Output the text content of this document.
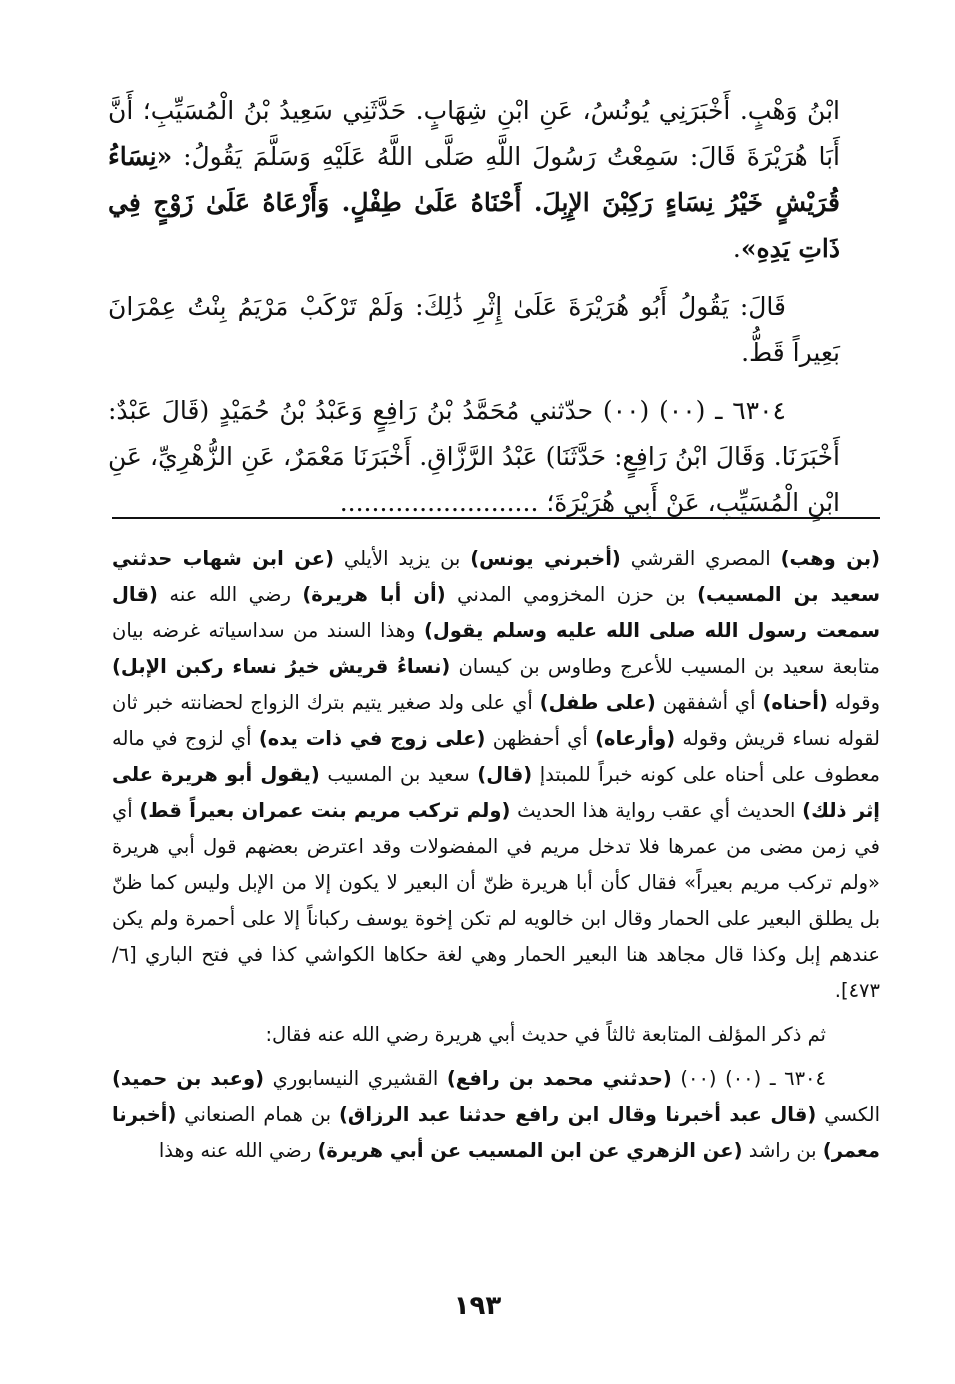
ابْنُ وَهْبٍ. أَخْبَرَنِي يُونُسُ، عَنِ ابْنِ شِهَابٍ. حَدَّثَنِي سَعِيدُ بْنُ الْمُسَيِّبِ؛ أَنَّ أَبَا هُرَيْرَةَ قَالَ: سَمِعْتُ رَسُولَ اللَّهِ صَلَّى اللَّهُ عَلَيْهِ وَسَلَّمَ يَقُولُ: «نِسَاءُ قُرَيْشٍ خَيْرُ نِسَاءٍ رَكِبْنَ الإِبِلَ. أَحْنَاهُ عَلَىٰ طِفْلٍ. وَأَرْعَاهُ عَلَىٰ زَوْجٍ فِي ذَاتِ يَدِهِ».

قَالَ: يَقُولُ أَبُو هُرَيْرَةَ عَلَىٰ إِثْرِ ذَٰلِكَ: وَلَمْ تَرْكَبْ مَرْيَمُ بِنْتُ عِمْرَانَ بَعِيراً قَطُّ.

٦٣٠٤ ـ (٠٠) (٠٠) حدّثني مُحَمَّدُ بْنُ رَافِعٍ وَعَبْدُ بْنُ حُمَيْدٍ (قَالَ عَبْدٌ: أَخْبَرَنَا. وَقَالَ ابْنُ رَافِعٍ: حَدَّثَنَا) عَبْدُ الرَّزَّاقِ. أَخْبَرَنَا مَعْمَرٌ، عَنِ الزُّهْرِيِّ، عَنِ ابْنِ الْمُسَيِّبِ، عَنْ أَبِي هُرَيْرَةَ؛ .........................

(بن وهب) المصري القرشي (أخبرني يونس) بن يزيد الأيلي (عن ابن شهاب حدثني سعيد بن المسيب) بن حزن المخزومي المدني (أن أبا هريرة) رضي الله عنه (قال سمعت رسول الله صلى الله عليه وسلم يقول) وهذا السند من سداسياته غرضه بيان متابعة سعيد بن المسيب للأعرج وطاوس بن كيسان (نساءُ قريش خيرُ نساء ركبن الإبل) وقوله (أحناه) أي أشفقهن (على طفل) أي على ولد صغير يتيم بترك الزواج لحضانته خبر ثان لقوله نساء قريش وقوله (وأرعاه) أي أحفظهن (على زوج في ذات يده) أي لزوج في ماله معطوف على أحناه على كونه خبراً للمبتدإ (قال) سعيد بن المسيب (يقول أبو هريرة على إثر ذلك) الحديث أي عقب رواية هذا الحديث (ولم تركب مريم بنت عمران بعيراً قط) أي في زمن مضى من عمرها فلا تدخل مريم في المفضولات وقد اعترض بعضهم قول أبي هريرة «ولم تركب مريم بعيراً» فقال كأن أبا هريرة ظنّ أن البعير لا يكون إلا من الإبل وليس كما ظنّ بل يطلق البعير على الحمار وقال ابن خالويه لم تكن إخوة يوسف ركباناً إلا على أحمرة ولم يكن عندهم إبل وكذا قال مجاهد هنا البعير الحمار وهي لغة حكاها الكواشي كذا في فتح الباري [٦/ ٤٧٣].

ثم ذكر المؤلف المتابعة ثالثاً في حديث أبي هريرة رضي الله عنه فقال:

٦٣٠٤ ـ (٠٠) (٠٠) (حدثني محمد بن رافع) القشيري النيسابوري (وعبد بن حميد) الكسي (قال عبد أخبرنا وقال ابن رافع حدثنا عبد الرزاق) بن همام الصنعاني (أخبرنا معمر) بن راشد (عن الزهري عن ابن المسيب عن أبي هريرة) رضي الله عنه وهذا

١٩٣
